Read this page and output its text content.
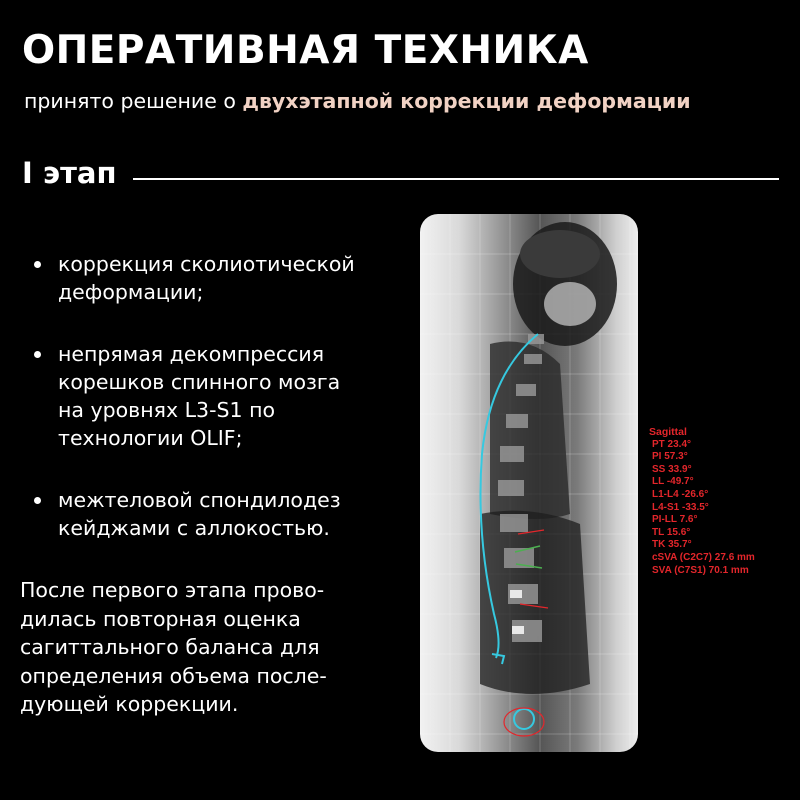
ОПЕРАТИВНАЯ ТЕХНИКА
принято решение о двухэтапной коррекции деформации
I этап
коррекция сколиотической
деформации;
непрямая декомпрессия
корешков спинного мозга
на уровнях L3-S1 по
технологии OLIF;
межтеловой спондилодез
кейджами с аллокостью.
После первого этапа прово-
дилась повторная оценка
сагиттального баланса для
определения объема после-
дующей коррекции.
Sagittal
PT 23.4°
PI 57.3°
SS 33.9°
LL -49.7°
L1-L4 -26.6°
L4-S1 -33.5°
PI-LL 7.6°
TL 15.6°
TK 35.7°
cSVA (C2C7) 27.6 mm
SVA (C7S1) 70.1 mm
